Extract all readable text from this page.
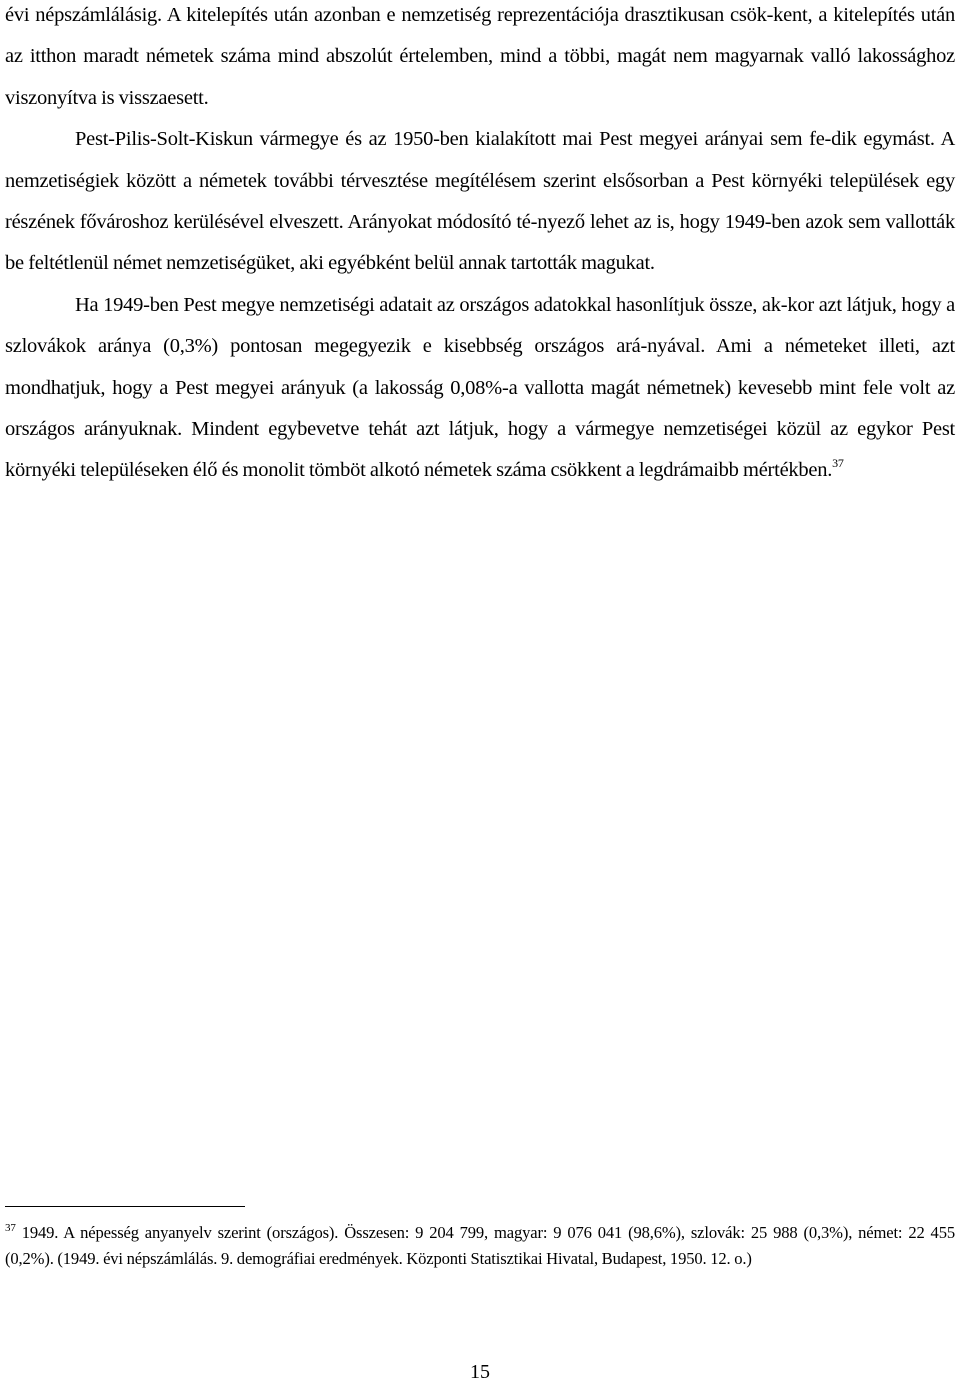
évi népszámlálásig. A kitelepítés után azonban e nemzetiség reprezentációja drasztikusan csök-kent, a kitelepítés után az itthon maradt németek száma mind abszolút értelemben, mind a többi, magát nem magyarnak valló lakossághoz viszonyítva is visszaesett.

Pest-Pilis-Solt-Kiskun vármegye és az 1950-ben kialakított mai Pest megyei arányai sem fe-dik egymást. A nemzetiségiek között a németek további térvesztése megítélésem szerint elsősorban a Pest környéki települések egy részének fővároshoz kerülésével elveszett. Arányokat módosító té-nyező lehet az is, hogy 1949-ben azok sem vallották be feltétlenül német nemzetiségüket, aki egyébként belül annak tartották magukat.

Ha 1949-ben Pest megye nemzetiségi adatait az országos adatokkal hasonlítjuk össze, ak-kor azt látjuk, hogy a szlovákok aránya (0,3%) pontosan megegyezik e kisebbség országos ará-nyával. Ami a németeket illeti, azt mondhatjuk, hogy a Pest megyei arányuk (a lakosság 0,08%-a vallotta magát németnek) kevesebb mint fele volt az országos arányuknak. Mindent egybevetve tehát azt látjuk, hogy a vármegye nemzetiségei közül az egykor Pest környéki településeken élő és monolit tömböt alkotó németek száma csökkent a legdrámaibb mértékben.$^{37}$

$^{37}$ 1949. A népesség anyanyelv szerint (országos). Összesen: 9 204 799, magyar: 9 076 041 (98,6%), szlovák: 25 988 (0,3%), német: 22 455 (0,2%). (1949. évi népszámlálás. 9. demográfiai eredmények. Központi Statisztikai Hivatal, Budapest, 1950. 12. o.)
15
